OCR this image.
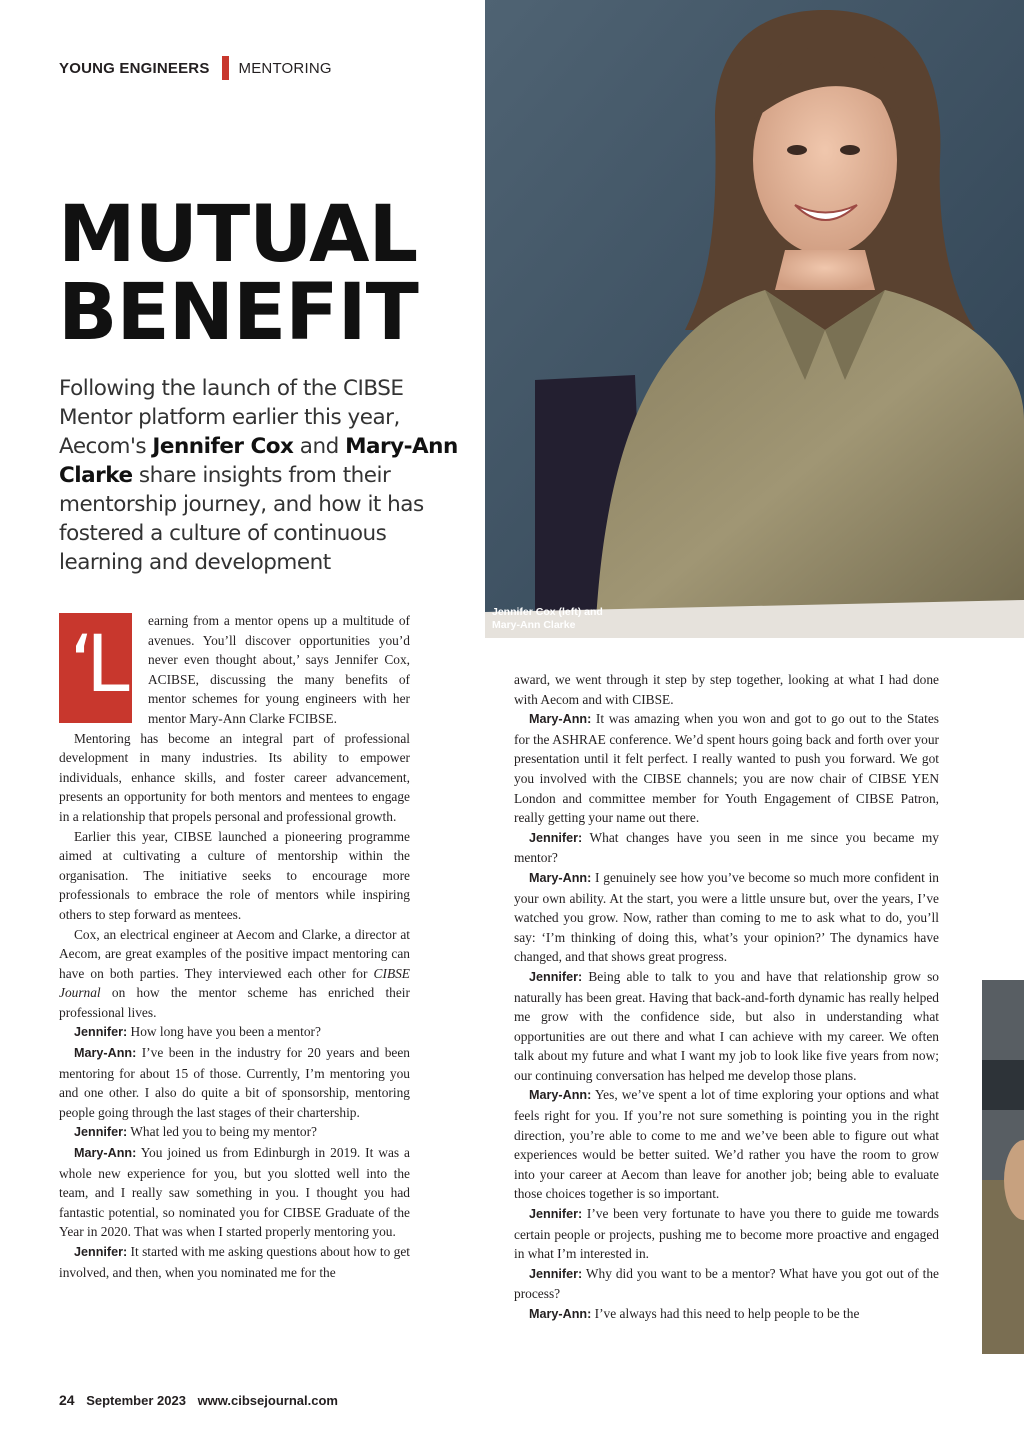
YOUNG ENGINEERS MENTORING
MUTUAL
BENEFIT

Following the launch of the CIBSE Mentor platform earlier this year, Aecom's Jennifer Cox and Mary-Ann Clarke share insights from their mentorship journey, and how it has fostered a culture of continuous learning and development

Jennifer Cox (left) and Mary-Ann Clarke
‘L	earning from a mentor opens up a multitude of avenues. You’ll discover opportunities you’d never even thought about,’ says Jennifer Cox, ACIBSE, discussing the many benefits of mentor schemes for young engineers with her mentor Mary-Ann Clarke FCIBSE.

Mentoring has become an integral part of professional development in many industries. Its ability to empower individuals, enhance skills, and foster career advancement, presents an opportunity for both mentors and mentees to engage in a relationship that propels personal and professional growth.

Earlier this year, CIBSE launched a pioneering programme aimed at cultivating a culture of mentorship within the organisation. The initiative seeks to encourage more professionals to embrace the role of mentors while inspiring others to step forward as mentees.

Cox, an electrical engineer at Aecom and Clarke, a director at Aecom, are great examples of the positive impact mentoring can have on both parties. They interviewed each other for CIBSE Journal on how the mentor scheme has enriched their professional lives.

Jennifer: How long have you been a mentor?

Mary-Ann: I’ve been in the industry for 20 years and been mentoring for about 15 of those. Currently, I’m mentoring you and one other. I also do quite a bit of sponsorship, mentoring people going through the last stages of their chartership.

Jennifer: What led you to being my mentor?

Mary-Ann: You joined us from Edinburgh in 2019. It was a whole new experience for you, but you slotted well into the team, and I really saw something in you. I thought you had fantastic potential, so nominated you for CIBSE Graduate of the Year in 2020. That was when I started properly mentoring you.

Jennifer: It started with me asking questions about how to get involved, and then, when you nominated me for the

award, we went through it step by step together, looking at what I had done with Aecom and with CIBSE.

Mary-Ann: It was amazing when you won and got to go out to the States for the ASHRAE conference. We’d spent hours going back and forth over your presentation until it felt perfect. I really wanted to push you forward. We got you involved with the CIBSE channels; you are now chair of CIBSE YEN London and committee member for Youth Engagement of CIBSE Patron, really getting your name out there.

Jennifer: What changes have you seen in me since you became my mentor?

Mary-Ann: I genuinely see how you’ve become so much more confident in your own ability. At the start, you were a little unsure but, over the years, I’ve watched you grow. Now, rather than coming to me to ask what to do, you’ll say: ‘I’m thinking of doing this, what’s your opinion?’ The dynamics have changed, and that shows great progress.

Jennifer: Being able to talk to you and have that relationship grow so naturally has been great. Having that back-and-forth dynamic has really helped me grow with the confidence side, but also in understanding what opportunities are out there and what I can achieve with my career. We often talk about my future and what I want my job to look like five years from now; our continuing conversation has helped me develop those plans.

Mary-Ann: Yes, we’ve spent a lot of time exploring your options and what feels right for you. If you’re not sure something is pointing you in the right direction, you’re able to come to me and we’ve been able to figure out what experiences would be better suited. We’d rather you have the room to grow into your career at Aecom than leave for another job; being able to evaluate those choices together is so important.

Jennifer: I’ve been very fortunate to have you there to guide me towards certain people or projects, pushing me to become more proactive and engaged in what I’m interested in.

Jennifer: Why did you want to be a mentor? What have you got out of the process?

Mary-Ann: I’ve always had this need to help people to be the

24 September 2023 www.cibsejournal.com
